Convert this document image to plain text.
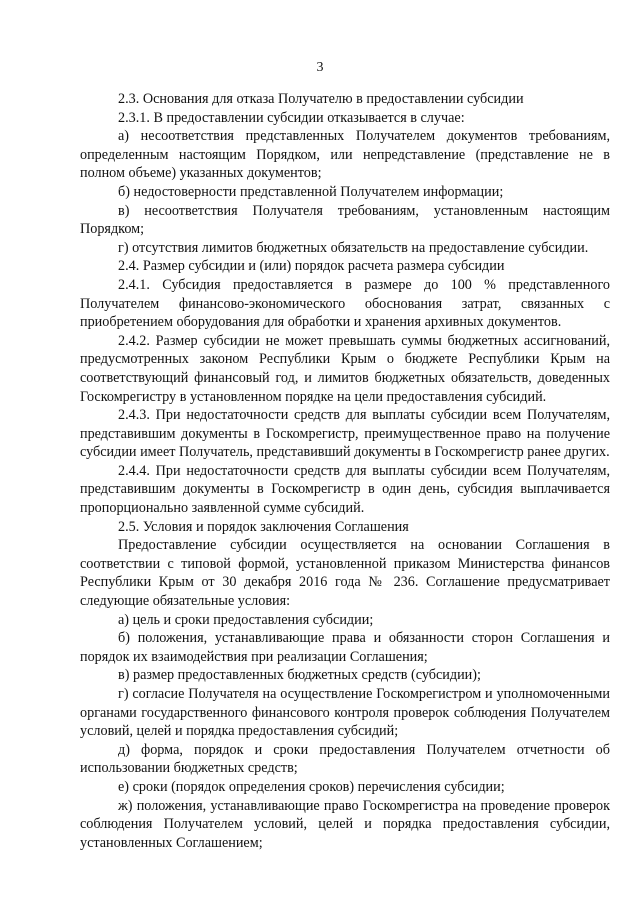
3

2.3. Основания для отказа Получателю в предоставлении субсидии

2.3.1. В предоставлении субсидии отказывается в случае:

а) несоответствия представленных Получателем документов требованиям, определенным настоящим Порядком, или непредставление (представление не в полном объеме) указанных документов;

б) недостоверности представленной Получателем информации;

в) несоответствия Получателя требованиям, установленным настоящим Порядком;

г) отсутствия лимитов бюджетных обязательств на предоставление субсидии.

2.4. Размер субсидии и (или) порядок расчета размера субсидии

2.4.1. Субсидия предоставляется в размере до 100 % представленного Получателем финансово-экономического обоснования затрат, связанных с приобретением оборудования для обработки и хранения архивных документов.

2.4.2. Размер субсидии не может превышать суммы бюджетных ассигнований, предусмотренных законом Республики Крым о бюджете Республики Крым на соответствующий финансовый год, и лимитов бюджетных обязательств, доведенных Госкомрегистру в установленном порядке на цели предоставления субсидий.

2.4.3. При недостаточности средств для выплаты субсидии всем Получателям, представившим документы в Госкомрегистр, преимущественное право на получение субсидии имеет Получатель, представивший документы в Госкомрегистр ранее других.

2.4.4. При недостаточности средств для выплаты субсидии всем Получателям, представившим документы в Госкомрегистр в один день, субсидия выплачивается пропорционально заявленной сумме субсидий.

2.5. Условия и порядок заключения Соглашения

Предоставление субсидии осуществляется на основании Соглашения в соответствии с типовой формой, установленной приказом Министерства финансов Республики Крым от 30 декабря 2016 года № 236. Соглашение предусматривает следующие обязательные условия:

а) цель и сроки предоставления субсидии;

б) положения, устанавливающие права и обязанности сторон Соглашения и порядок их взаимодействия при реализации Соглашения;

в) размер предоставленных бюджетных средств (субсидии);

г) согласие Получателя на осуществление Госкомрегистром и уполномоченными органами государственного финансового контроля проверок соблюдения Получателем условий, целей и порядка предоставления субсидий;

д) форма, порядок и сроки предоставления Получателем отчетности об использовании бюджетных средств;

е) сроки (порядок определения сроков) перечисления субсидии;

ж) положения, устанавливающие право Госкомрегистра на проведение проверок соблюдения Получателем условий, целей и порядка предоставления субсидии, установленных Соглашением;
